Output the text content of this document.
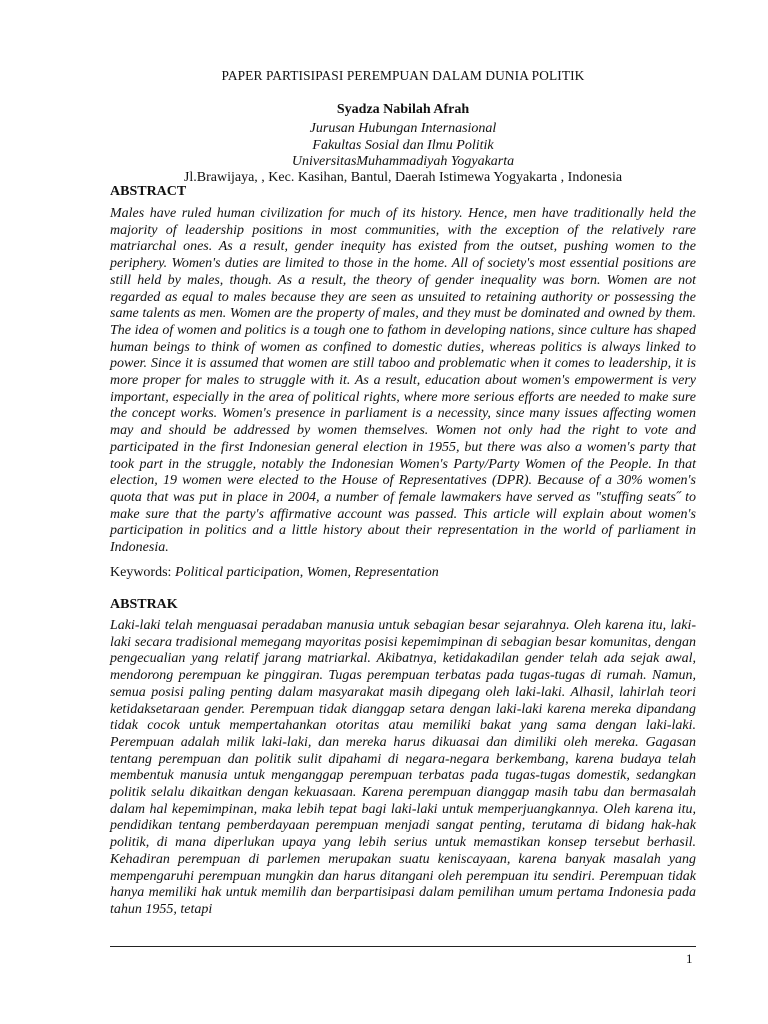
PAPER PARTISIPASI PEREMPUAN DALAM DUNIA POLITIK
Syadza Nabilah Afrah
Jurusan Hubungan Internasional
Fakultas Sosial dan Ilmu Politik
UniversitasMuhammadiyah Yogyakarta
Jl.Brawijaya, , Kec. Kasihan, Bantul, Daerah Istimewa Yogyakarta , Indonesia
ABSTRACT

Males have ruled human civilization for much of its history. Hence, men have traditionally held the majority of leadership positions in most communities, with the exception of the relatively rare matriarchal ones. As a result, gender inequity has existed from the outset, pushing women to the periphery. Women's duties are limited to those in the home. All of society's most essential positions are still held by males, though. As a result, the theory of gender inequality was born. Women are not regarded as equal to males because they are seen as unsuited to retaining authority or possessing the same talents as men. Women are the property of males, and they must be dominated and owned by them. The idea of women and politics is a tough one to fathom in developing nations, since culture has shaped human beings to think of women as confined to domestic duties, whereas politics is always linked to power. Since it is assumed that women are still taboo and problematic when it comes to leadership, it is more proper for males to struggle with it. As a result, education about women's empowerment is very important, especially in the area of political rights, where more serious efforts are needed to make sure the concept works. Women's presence in parliament is a necessity, since many issues affecting women may and should be addressed by women themselves. Women not only had the right to vote and participated in the first Indonesian general election in 1955, but there was also a women's party that took part in the struggle, notably the Indonesian Women's Party/Party Women of the People. In that election, 19 women were elected to the House of Representatives (DPR). Because of a 30% women's quota that was put in place in 2004, a number of female lawmakers have served as "stuffing seats˝ to make sure that the party's affirmative account was passed. This article will explain about women's participation in politics and a little history about their representation in the world of parliament in Indonesia.

Keywords: Political participation, Women, Representation
ABSTRAK

Laki-laki telah menguasai peradaban manusia untuk sebagian besar sejarahnya. Oleh karena itu, laki-laki secara tradisional memegang mayoritas posisi kepemimpinan di sebagian besar komunitas, dengan pengecualian yang relatif jarang matriarkal. Akibatnya, ketidakadilan gender telah ada sejak awal, mendorong perempuan ke pinggiran. Tugas perempuan terbatas pada tugas-tugas di rumah. Namun, semua posisi paling penting dalam masyarakat masih dipegang oleh laki-laki. Alhasil, lahirlah teori ketidaksetaraan gender. Perempuan tidak dianggap setara dengan laki-laki karena mereka dipandang tidak cocok untuk mempertahankan otoritas atau memiliki bakat yang sama dengan laki-laki. Perempuan adalah milik laki-laki, dan mereka harus dikuasai dan dimiliki oleh mereka. Gagasan tentang perempuan dan politik sulit dipahami di negara-negara berkembang, karena budaya telah membentuk manusia untuk menganggap perempuan terbatas pada tugas-tugas domestik, sedangkan politik selalu dikaitkan dengan kekuasaan. Karena perempuan dianggap masih tabu dan bermasalah dalam hal kepemimpinan, maka lebih tepat bagi laki-laki untuk memperjuangkannya. Oleh karena itu, pendidikan tentang pemberdayaan perempuan menjadi sangat penting, terutama di bidang hak-hak politik, di mana diperlukan upaya yang lebih serius untuk memastikan konsep tersebut berhasil. Kehadiran perempuan di parlemen merupakan suatu keniscayaan, karena banyak masalah yang mempengaruhi perempuan mungkin dan harus ditangani oleh perempuan itu sendiri. Perempuan tidak hanya memiliki hak untuk memilih dan berpartisipasi dalam pemilihan umum pertama Indonesia pada tahun 1955, tetapi

1
